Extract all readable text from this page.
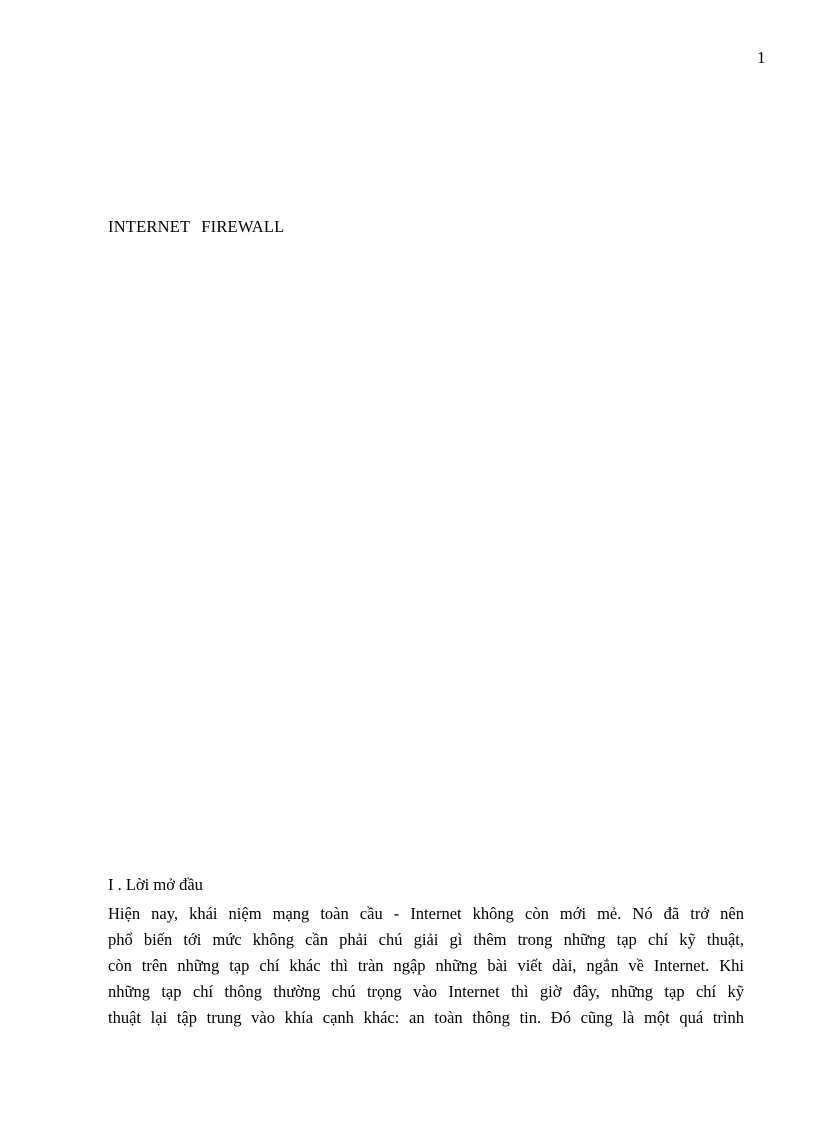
1
INTERNET FIREWALL
I . Lời mở đầu
Hiện nay, khái niệm mạng toàn cầu - Internet không còn mới mẻ. Nó đã trở nên
phổ biến tới mức không cần phải chú giải gì thêm trong những tạp chí kỹ thuật,
còn trên những tạp chí khác thì tràn ngập những bài viết dài, ngắn về Internet. Khi
những tạp chí thông thường chú trọng vào Internet thì giờ đây, những tạp chí kỹ
thuật lại tập trung vào khía cạnh khác: an toàn thông tin. Đó cũng là một quá trình
